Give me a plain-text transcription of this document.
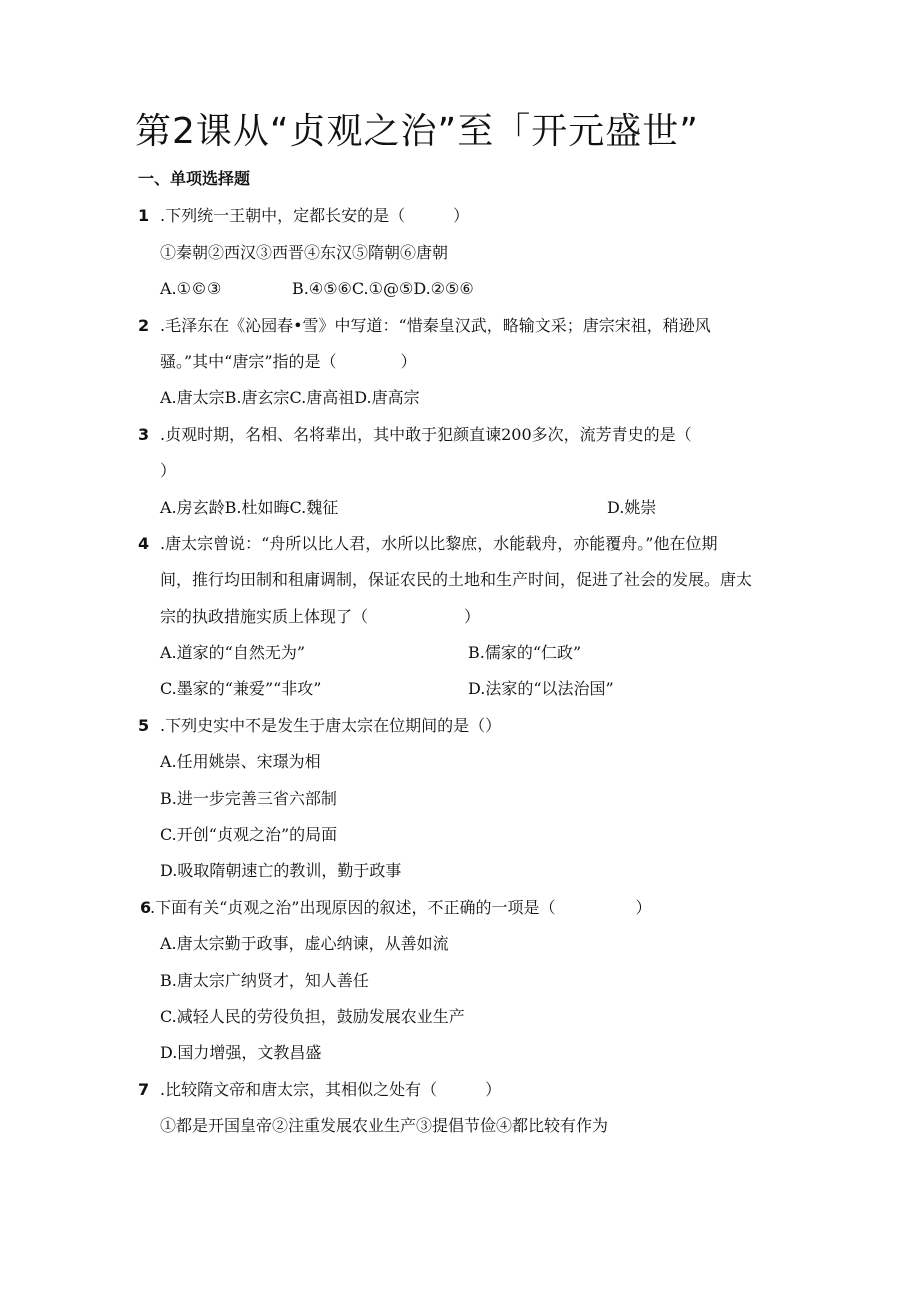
第2课从“贞观之治”至「开元盛世”
一、单项选择题
1 .下列统一王朝中，定都长安的是（　　　）
①秦朝②西汉③西晋④东汉⑤隋朝⑥唐朝
A.①©③	B.④⑤⑥C.①@⑤D.②⑤⑥
2 .毛泽东在《沁园春•雪》中写道：“惜秦皇汉武，略输文采；唐宗宋祖，稍逊风
骚。”其中“唐宗”指的是（　　　　）
A.唐太宗B.唐玄宗C.唐高祖D.唐高宗
3 .贞观时期，名相、名将辈出，其中敢于犯颜直谏200多次，流芳青史的是（
）
A.房玄龄B.杜如晦C.魏征	D.姚崇
4 .唐太宗曾说：“舟所以比人君，水所以比黎庶，水能载舟，亦能覆舟。”他在位期
间，推行均田制和租庸调制，保证农民的土地和生产时间，促进了社会的发展。唐太
宗的执政措施实质上体现了（　　　　　　）
A.道家的“自然无为”	B.儒家的“仁政”
C.墨家的“兼爱”“非攻”	D.法家的“以法治国”
5 .下列史实中不是发生于唐太宗在位期间的是（）
A.任用姚崇、宋璟为相
B.进一步完善三省六部制
C.开创“贞观之治”的局面
D.吸取隋朝速亡的教训，勤于政事
6
.下面有关“贞观之治”出现原因的叙述，不正确的一项是（　　　　　）
A.唐太宗勤于政事，虚心纳谏，从善如流
B.唐太宗广纳贤才，知人善任
C.减轻人民的劳役负担，鼓励发展农业生产
D.国力增强，文教昌盛
7 .比较隋文帝和唐太宗，其相似之处有（　　　）
①都是开国皇帝②注重发展农业生产③提倡节俭④都比较有作为
